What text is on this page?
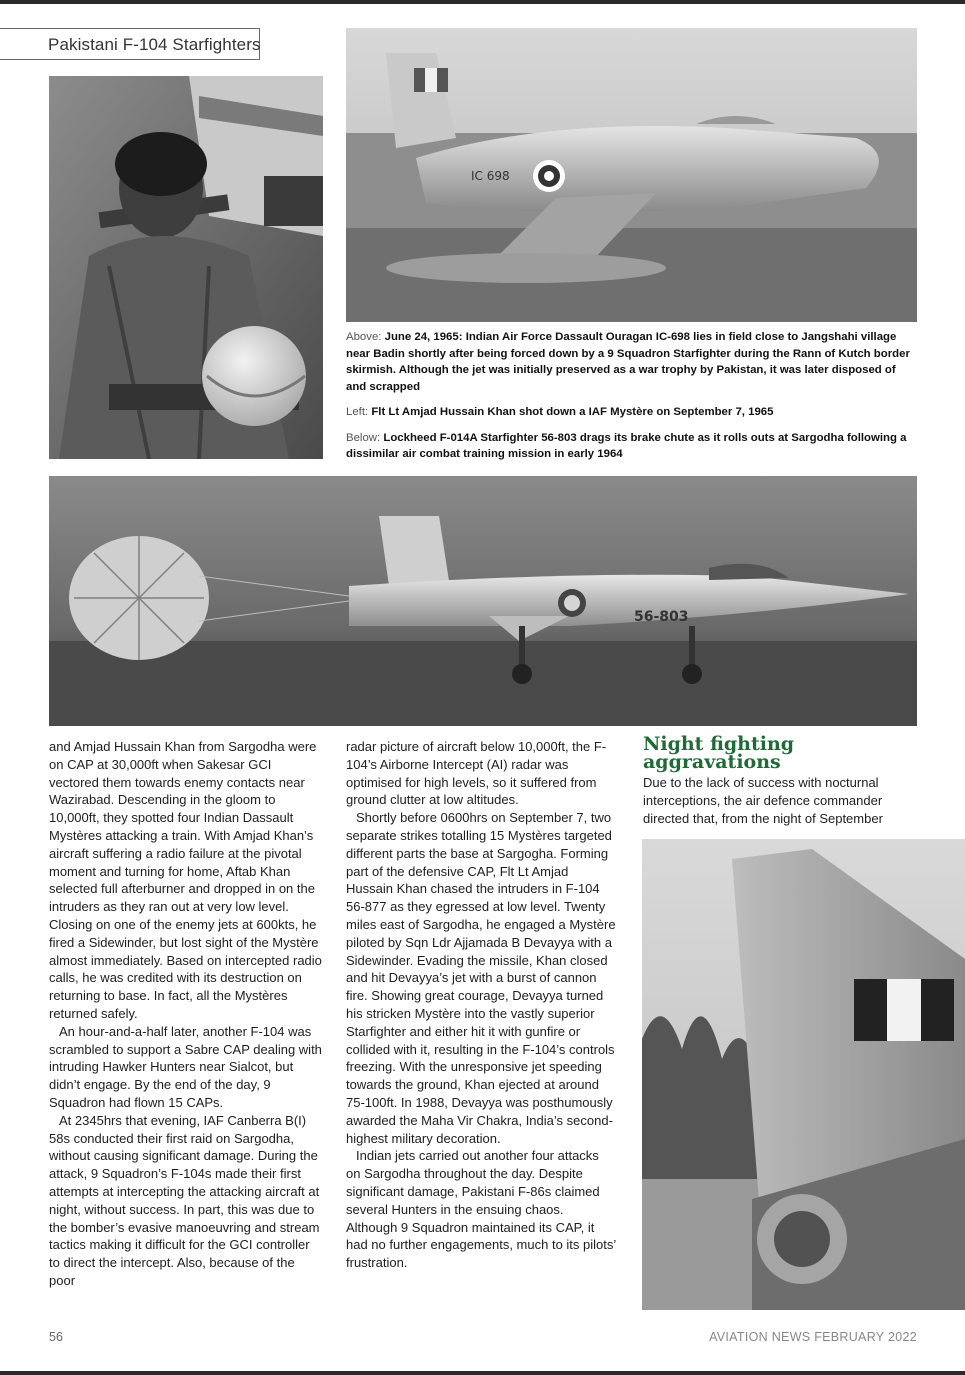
Pakistani F-104 Starfighters
IC 698

Above: June 24, 1965: Indian Air Force Dassault Ouragan IC-698 lies in field close to Jangshahi village near Badin shortly after being forced down by a 9 Squadron Starfighter during the Rann of Kutch border skirmish. Although the jet was initially preserved as a war trophy by Pakistan, it was later disposed of and scrapped

Left: Flt Lt Amjad Hussain Khan shot down a IAF Mystère on September 7, 1965

Below: Lockheed F-014A Starfighter 56-803 drags its brake chute as it rolls outs at Sargodha following a dissimilar air combat training mission in early 1964

56-803

and Amjad Hussain Khan from Sargodha were on CAP at 30,000ft when Sakesar GCI vectored them towards enemy contacts near Wazirabad. Descending in the gloom to 10,000ft, they spotted four Indian Dassault Mystères attacking a train. With Amjad Khan’s aircraft suffering a radio failure at the pivotal moment and turning for home, Aftab Khan selected full afterburner and dropped in on the intruders as they ran out at very low level. Closing on one of the enemy jets at 600kts, he fired a Sidewinder, but lost sight of the Mystère almost immediately. Based on intercepted radio calls, he was credited with its destruction on returning to base. In fact, all the Mystères returned safely.

An hour-and-a-half later, another F-104 was scrambled to support a Sabre CAP dealing with intruding Hawker Hunters near Sialcot, but didn’t engage. By the end of the day, 9 Squadron had flown 15 CAPs.

At 2345hrs that evening, IAF Canberra B(I) 58s conducted their first raid on Sargodha, without causing significant damage. During the attack, 9 Squadron’s F-104s made their first attempts at intercepting the attacking aircraft at night, without success. In part, this was due to the bomber’s evasive manoeuvring and stream tactics making it difficult for the GCI controller to direct the intercept. Also, because of the poor

radar picture of aircraft below 10,000ft, the F-104’s Airborne Intercept (AI) radar was optimised for high levels, so it suffered from ground clutter at low altitudes.

Shortly before 0600hrs on September 7, two separate strikes totalling 15 Mystères targeted different parts the base at Sargogha. Forming part of the defensive CAP, Flt Lt Amjad Hussain Khan chased the intruders in F-104 56-877 as they egressed at low level. Twenty miles east of Sargodha, he engaged a Mystère piloted by Sqn Ldr Ajjamada B Devayya with a Sidewinder. Evading the missile, Khan closed and hit Devayya’s jet with a burst of cannon fire. Showing great courage, Devayya turned his stricken Mystère into the vastly superior Starfighter and either hit it with gunfire or collided with it, resulting in the F-104’s controls freezing. With the unresponsive jet speeding towards the ground, Khan ejected at around 75-100ft. In 1988, Devayya was posthumously awarded the Maha Vir Chakra, India’s second-highest military decoration.

Indian jets carried out another four attacks on Sargodha throughout the day. Despite significant damage, Pakistani F-86s claimed several Hunters in the ensuing chaos. Although 9 Squadron maintained its CAP, it had no further engagements, much to its pilots’ frustration.

Night fighting
aggravations

Due to the lack of success with nocturnal interceptions, the air defence commander directed that, from the night of September

56	AVIATION NEWS FEBRUARY 2022
